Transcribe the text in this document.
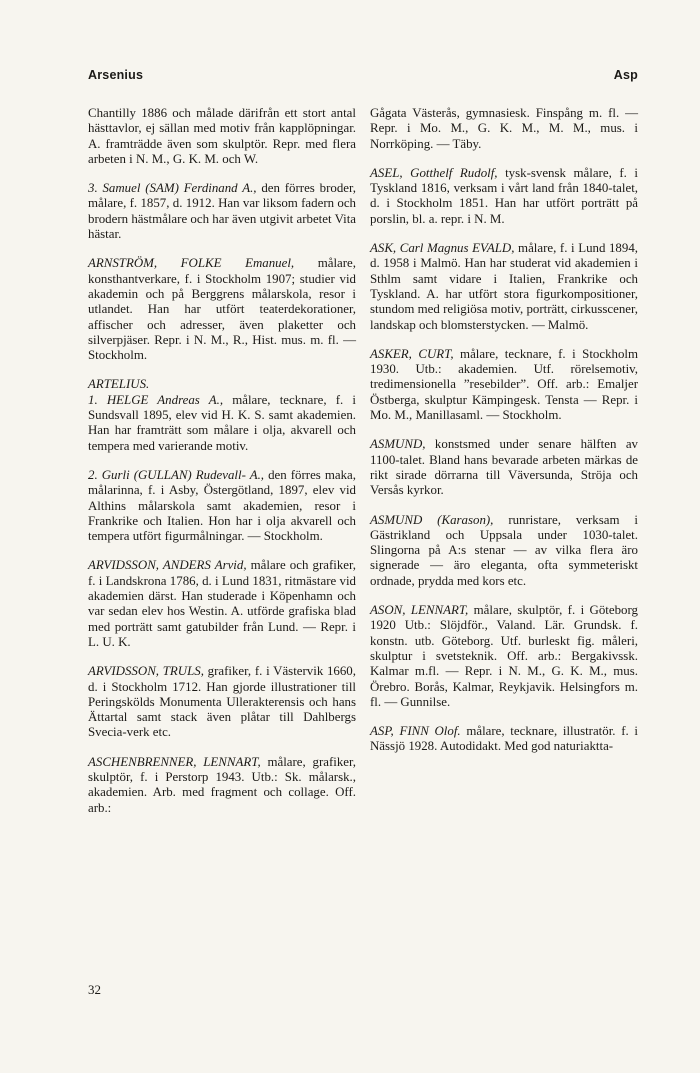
Arsenius	Asp

Chantilly 1886 och målade därifrån ett stort antal hästtavlor, ej sällan med motiv från kapplöpningar. A. framträdde även som skulptör. Repr. med flera arbeten i N. M., G. K. M. och W.

3. Samuel (SAM) Ferdinand A., den förres broder, målare, f. 1857, d. 1912. Han var liksom fadern och brodern hästmålare och har även utgivit arbetet Vita hästar.

ARNSTRÖM, FOLKE Emanuel, målare, konsthantverkare, f. i Stockholm 1907; studier vid akademin och på Berggrens målarskola, resor i utlandet. Han har utfört teaterdekorationer, affischer och adresser, även plaketter och silverpjäser. Repr. i N. M., R., Hist. mus. m. fl. — Stockholm.

ARTELIUS.

1. HELGE Andreas A., målare, tecknare, f. i Sundsvall 1895, elev vid H. K. S. samt akademien. Han har framträtt som målare i olja, akvarell och tempera med varierande motiv.

2. Gurli (GULLAN) Rudevall- A., den förres maka, målarinna, f. i Asby, Östergötland, 1897, elev vid Althins målarskola samt akademien, resor i Frankrike och Italien. Hon har i olja akvarell och tempera utfört figurmålningar. — Stockholm.

ARVIDSSON, ANDERS Arvid, målare och grafiker, f. i Landskrona 1786, d. i Lund 1831, ritmästare vid akademien därst. Han studerade i Köpenhamn och var sedan elev hos Westin. A. utförde grafiska blad med porträtt samt gatubilder från Lund. — Repr. i L. U. K.

ARVIDSSON, TRULS, grafiker, f. i Västervik 1660, d. i Stockholm 1712. Han gjorde illustrationer till Peringskölds Monumenta Ullerakterensis och hans Ättartal samt stack även plåtar till Dahlbergs Svecia-verk etc.

ASCHENBRENNER, LENNART, målare, grafiker, skulptör, f. i Perstorp 1943. Utb.: Sk. målarsk., akademien. Arb. med fragment och collage. Off. arb.:

Gågata Västerås, gymnasiesk. Finspång m. fl. — Repr. i Mo. M., G. K. M., M. M., mus. i Norrköping. — Täby.

ASEL, Gotthelf Rudolf, tysk-svensk målare, f. i Tyskland 1816, verksam i vårt land från 1840-talet, d. i Stockholm 1851. Han har utfört porträtt på porslin, bl. a. repr. i N. M.

ASK, Carl Magnus EVALD, målare, f. i Lund 1894, d. 1958 i Malmö. Han har studerat vid akademien i Sthlm samt vidare i Italien, Frankrike och Tyskland. A. har utfört stora figurkompositioner, stundom med religiösa motiv, porträtt, cirkusscener, landskap och blomsterstycken. — Malmö.

ASKER, CURT, målare, tecknare, f. i Stockholm 1930. Utb.: akademien. Utf. rörelsemotiv, tredimensionella ”resebilder”. Off. arb.: Emaljer Östberga, skulptur Kämpingesk. Tensta — Repr. i Mo. M., Manillasaml. — Stockholm.

ASMUND, konstsmed under senare hälften av 1100-talet. Bland hans bevarade arbeten märkas de rikt sirade dörrarna till Väversunda, Ströja och Versås kyrkor.

ASMUND (Karason), runristare, verksam i Gästrikland och Uppsala under 1030-talet. Slingorna på A:s stenar — av vilka flera äro signerade — äro eleganta, ofta symmeteriskt ordnade, prydda med kors etc.

ASON, LENNART, målare, skulptör, f. i Göteborg 1920 Utb.: Slöjdför., Valand. Lär. Grundsk. f. konstn. utb. Göteborg. Utf. burleskt fig. måleri, skulptur i svetsteknik. Off. arb.: Bergakivssk. Kalmar m.fl. — Repr. i N. M., G. K. M., mus. Örebro. Borås, Kalmar, Reykjavik. Helsingfors m. fl. — Gunnilse.

ASP, FINN Olof. målare, tecknare, illustratör. f. i Nässjö 1928. Autodidakt. Med god naturiaktta-

32
